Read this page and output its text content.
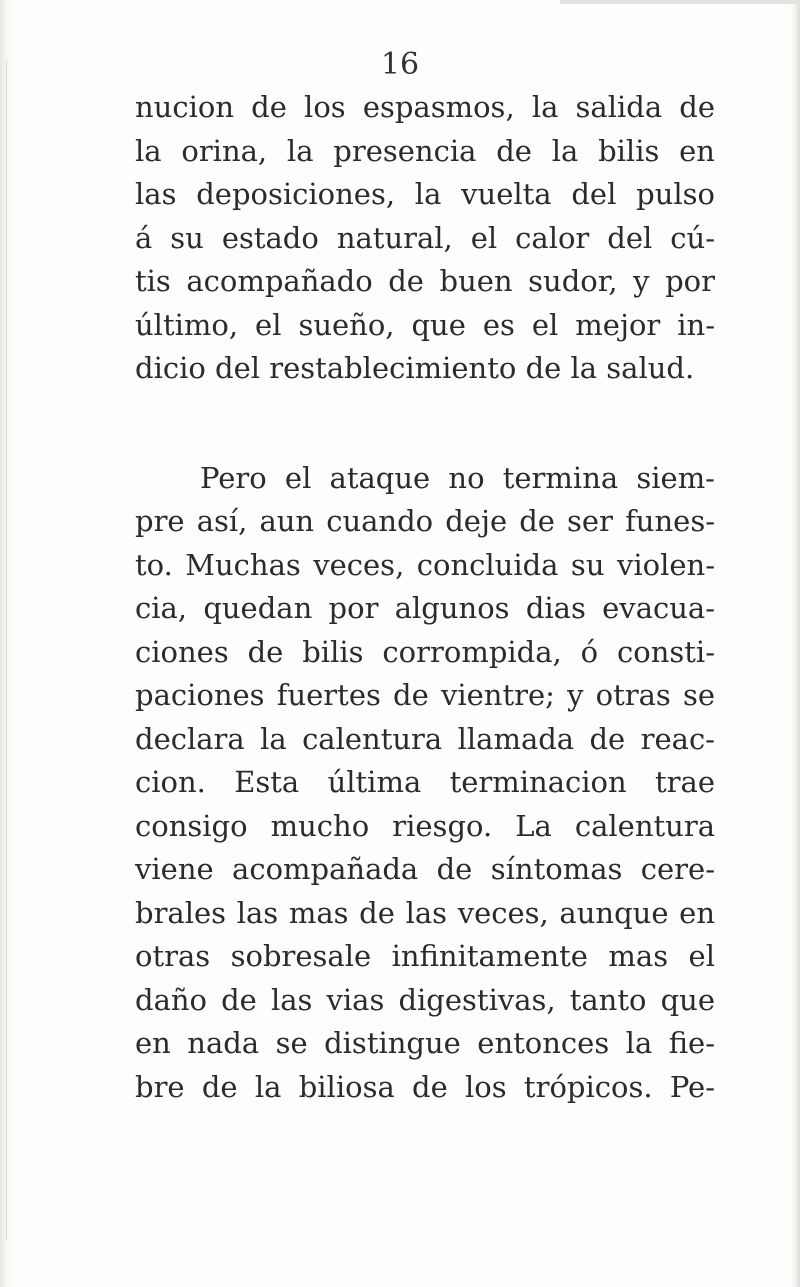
16

nucion de los espasmos, la salida de
la orina, la presencia de la bilis en
las deposiciones, la vuelta del pulso
á su estado natural, el calor del cú-
tis acompañado de buen sudor, y por
último, el sueño, que es el mejor in-
dicio del restablecimiento de la salud.
Pero el ataque no termina siem-
pre así, aun cuando deje de ser funes-
to. Muchas veces, concluida su violen-
cia, quedan por algunos dias evacua-
ciones de bilis corrompida, ó consti-
paciones fuertes de vientre; y otras se
declara la calentura llamada de reac-
cion. Esta última terminacion trae
consigo mucho riesgo. La calentura
viene acompañada de síntomas cere-
brales las mas de las veces, aunque en
otras sobresale infinitamente mas el
daño de las vias digestivas, tanto que
en nada se distingue entonces la fie-
bre de la biliosa de los trópicos. Pe-
